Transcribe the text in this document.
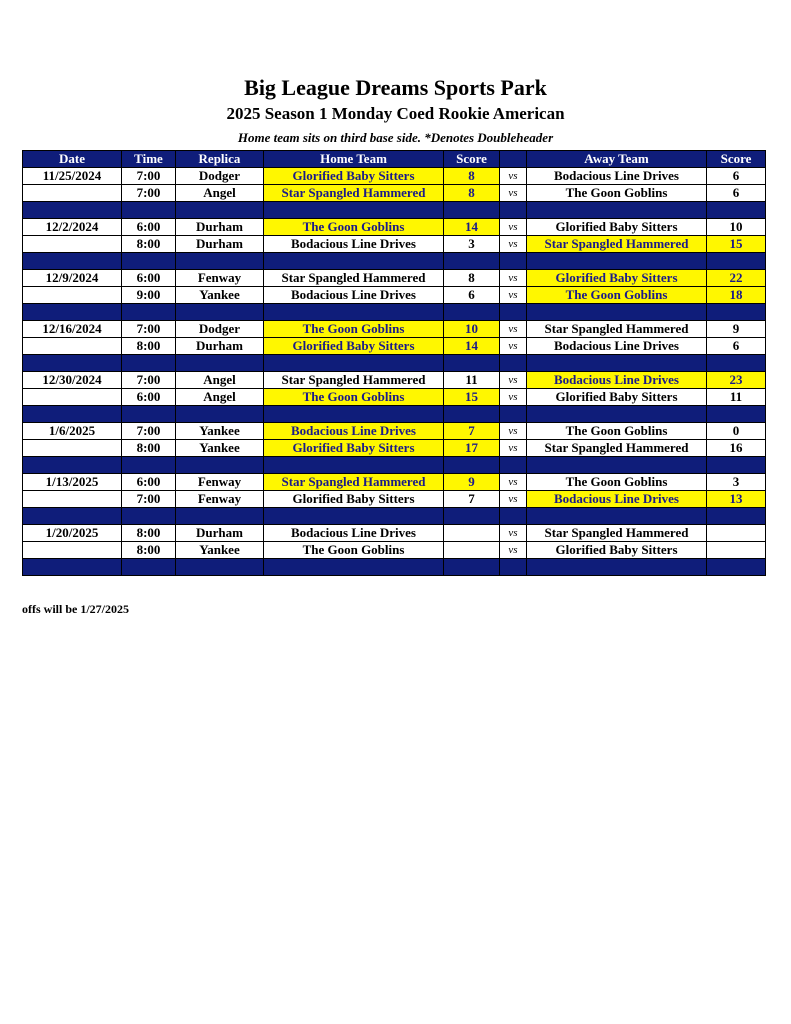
Big League Dreams Sports Park
2025 Season 1 Monday Coed Rookie American
Home team sits on third base side. *Denotes Doubleheader
Date	Time	Replica	Home Team	Score		Away Team	Score
11/25/2024	7:00	Dodger	Glorified Baby Sitters	8	vs	Bodacious Line Drives	6
	7:00	Angel	Star Spangled Hammered	8	vs	The Goon Goblins	6

12/2/2024	6:00	Durham	The Goon Goblins	14	vs	Glorified Baby Sitters	10
	8:00	Durham	Bodacious Line Drives	3	vs	Star Spangled Hammered	15

12/9/2024	6:00	Fenway	Star Spangled Hammered	8	vs	Glorified Baby Sitters	22
	9:00	Yankee	Bodacious Line Drives	6	vs	The Goon Goblins	18

12/16/2024	7:00	Dodger	The Goon Goblins	10	vs	Star Spangled Hammered	9
	8:00	Durham	Glorified Baby Sitters	14	vs	Bodacious Line Drives	6

12/30/2024	7:00	Angel	Star Spangled Hammered	11	vs	Bodacious Line Drives	23
	6:00	Angel	The Goon Goblins	15	vs	Glorified Baby Sitters	11

1/6/2025	7:00	Yankee	Bodacious Line Drives	7	vs	The Goon Goblins	0
	8:00	Yankee	Glorified Baby Sitters	17	vs	Star Spangled Hammered	16

1/13/2025	6:00	Fenway	Star Spangled Hammered	9	vs	The Goon Goblins	3
	7:00	Fenway	Glorified Baby Sitters	7	vs	Bodacious Line Drives	13

1/20/2025	8:00	Durham	Bodacious Line Drives		vs	Star Spangled Hammered	
	8:00	Yankee	The Goon Goblins		vs	Glorified Baby Sitters	

offs will be 1/27/2025
